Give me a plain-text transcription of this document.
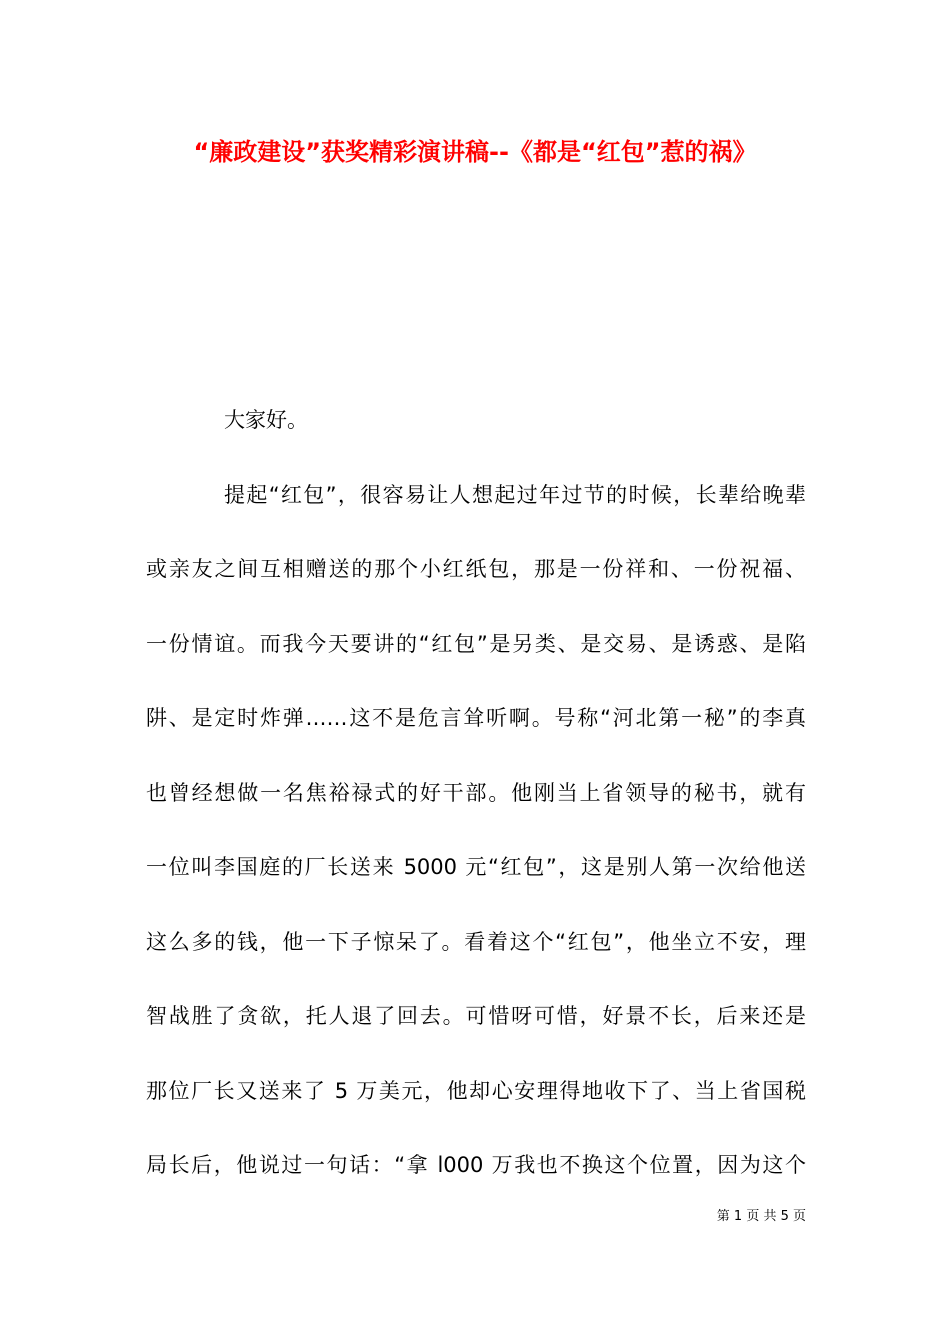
“廉政建设”获奖精彩演讲稿--《都是“红包”惹的祸》
大家好。
提起“红包”，很容易让人想起过年过节的时候，长辈给晚辈
或亲友之间互相赠送的那个小红纸包，那是一份祥和、一份祝福、
一份情谊。而我今天要讲的“红包”是另类、是交易、是诱惑、是陷
阱、是定时炸弹……这不是危言耸听啊。号称“河北第一秘”的李真
也曾经想做一名焦裕禄式的好干部。他刚当上省领导的秘书，就有
一位叫李国庭的厂长送来 5000 元“红包”，这是别人第一次给他送
这么多的钱，他一下子惊呆了。看着这个“红包”，他坐立不安，理
智战胜了贪欲，托人退了回去。可惜呀可惜，好景不长，后来还是
那位厂长又送来了 5 万美元，他却心安理得地收下了、当上省国税
局长后，他说过一句话：“拿 l000 万我也不换这个位置，因为这个
第 1 页 共 5 页
